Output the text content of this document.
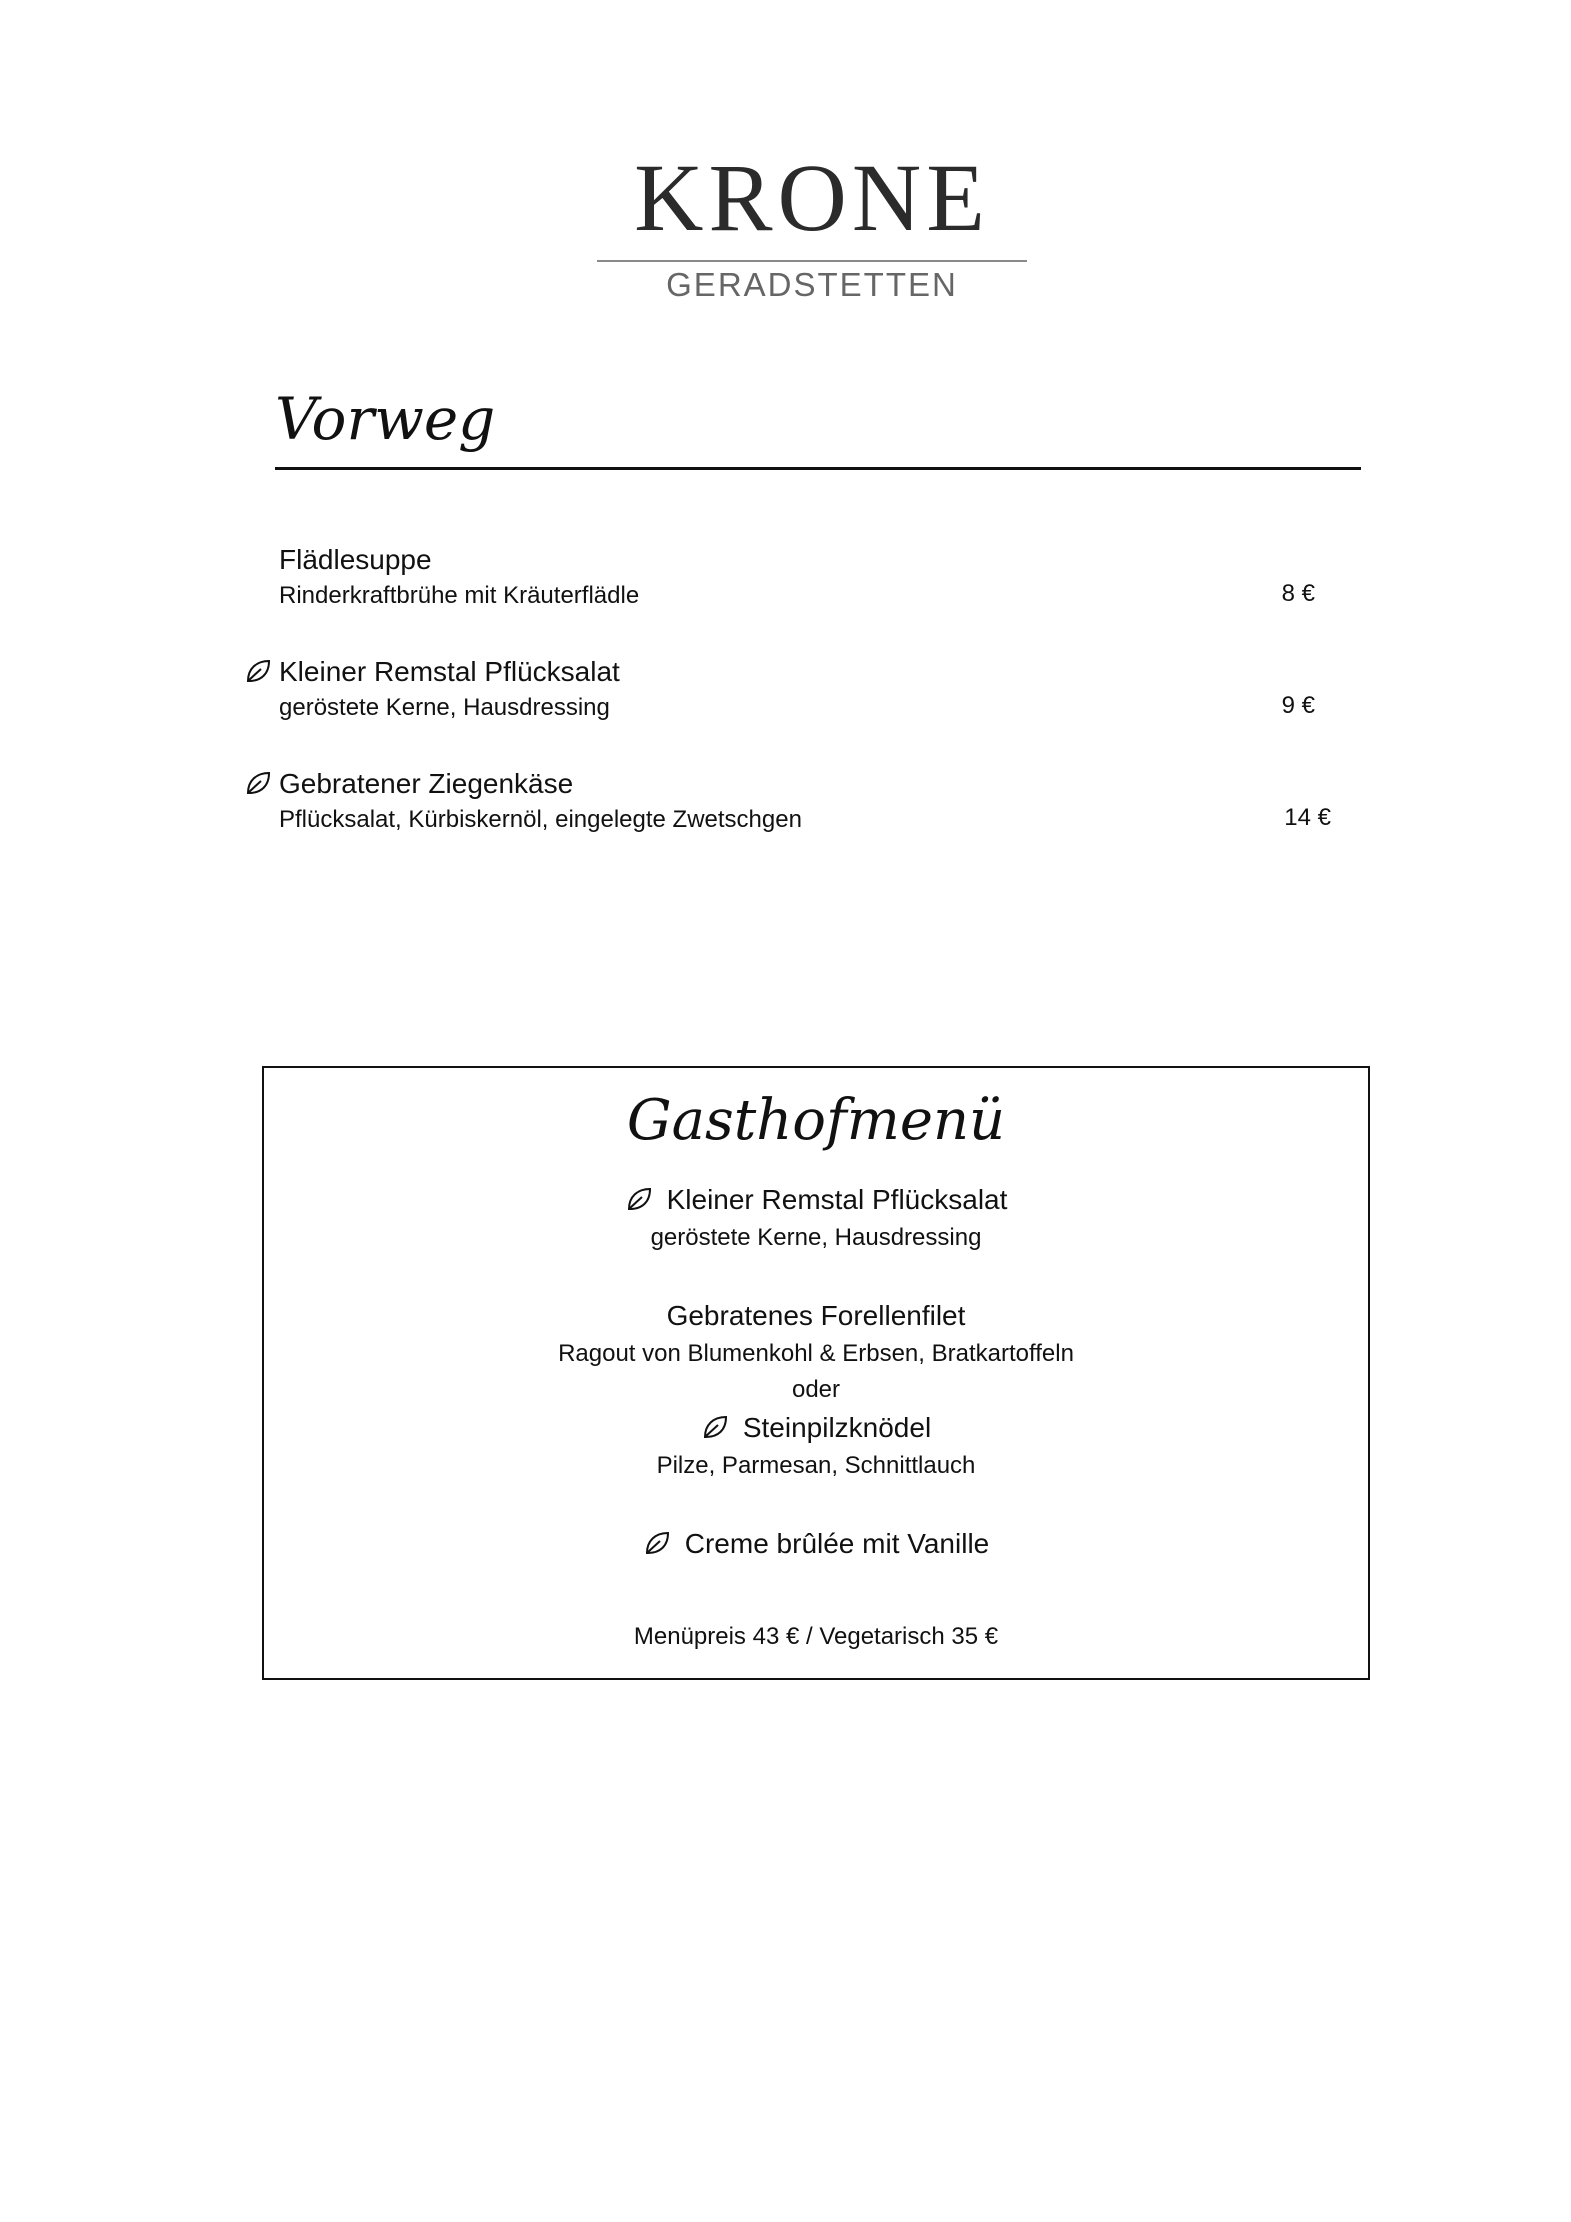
KRONE
GERADSTETTEN
Vorweg
Flädlesuppe
Rinderkraftbrühe mit Kräuterflädle	8 €
Kleiner Remstal Pflücksalat
geröstete Kerne, Hausdressing	9 €
Gebratener Ziegenkäse
Pflücksalat, Kürbiskernöl, eingelegte Zwetschgen	14 €
Gasthofmenü
Kleiner Remstal Pflücksalat
geröstete Kerne, Hausdressing
Gebratenes Forellenfilet
Ragout von Blumenkohl & Erbsen, Bratkartoffeln
oder
Steinpilzknödel
Pilze, Parmesan, Schnittlauch
Creme brûlée mit Vanille
Menüpreis 43 € / Vegetarisch 35 €
